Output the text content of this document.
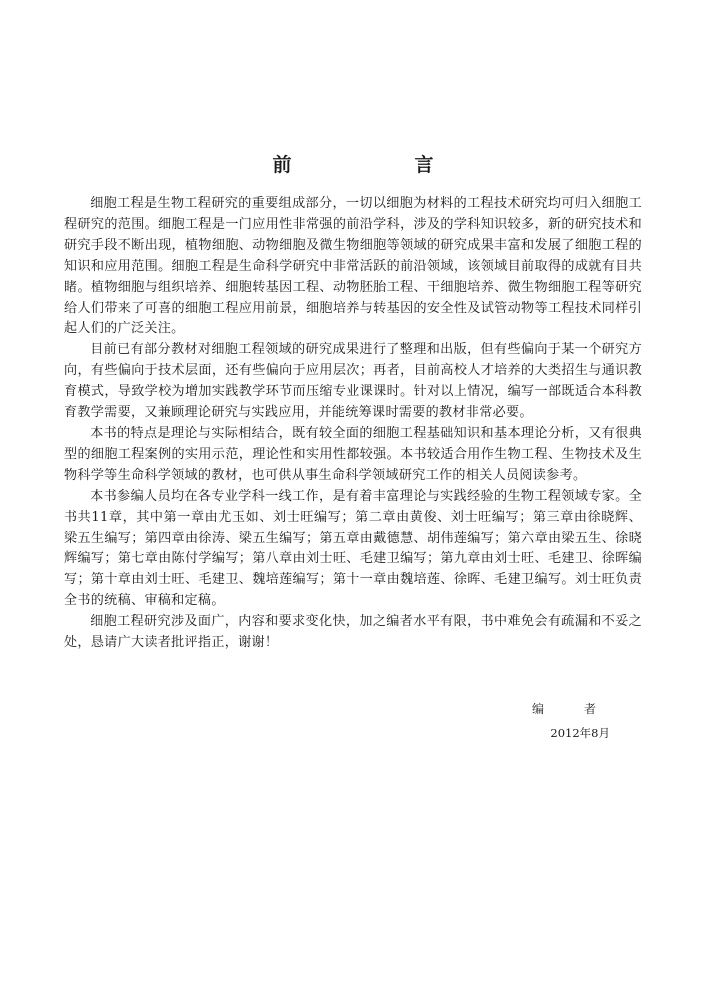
前　言

细胞工程是生物工程研究的重要组成部分，一切以细胞为材料的工程技术研究均可归入细胞工程研究的范围。细胞工程是一门应用性非常强的前沿学科，涉及的学科知识较多，新的研究技术和研究手段不断出现，植物细胞、动物细胞及微生物细胞等领域的研究成果丰富和发展了细胞工程的知识和应用范围。细胞工程是生命科学研究中非常活跃的前沿领域，该领域目前取得的成就有目共睹。植物细胞与组织培养、细胞转基因工程、动物胚胎工程、干细胞培养、微生物细胞工程等研究给人们带来了可喜的细胞工程应用前景，细胞培养与转基因的安全性及试管动物等工程技术同样引起人们的广泛关注。

目前已有部分教材对细胞工程领域的研究成果进行了整理和出版，但有些偏向于某一个研究方向，有些偏向于技术层面，还有些偏向于应用层次；再者，目前高校人才培养的大类招生与通识教育模式，导致学校为增加实践教学环节而压缩专业课课时。针对以上情况，编写一部既适合本科教育教学需要，又兼顾理论研究与实践应用，并能统筹课时需要的教材非常必要。

本书的特点是理论与实际相结合，既有较全面的细胞工程基础知识和基本理论分析，又有很典型的细胞工程案例的实用示范，理论性和实用性都较强。本书较适合用作生物工程、生物技术及生物科学等生命科学领域的教材，也可供从事生命科学领域研究工作的相关人员阅读参考。

本书参编人员均在各专业学科一线工作，是有着丰富理论与实践经验的生物工程领域专家。全书共11章，其中第一章由尤玉如、刘士旺编写；第二章由黄俊、刘士旺编写；第三章由徐晓辉、梁五生编写；第四章由徐涛、梁五生编写；第五章由戴德慧、胡伟莲编写；第六章由梁五生、徐晓辉编写；第七章由陈付学编写；第八章由刘士旺、毛建卫编写；第九章由刘士旺、毛建卫、徐晖编写；第十章由刘士旺、毛建卫、魏培莲编写；第十一章由魏培莲、徐晖、毛建卫编写。刘士旺负责全书的统稿、审稿和定稿。

细胞工程研究涉及面广，内容和要求变化快，加之编者水平有限，书中难免会有疏漏和不妥之处，恳请广大读者批评指正，谢谢！

编　者
2012年8月
